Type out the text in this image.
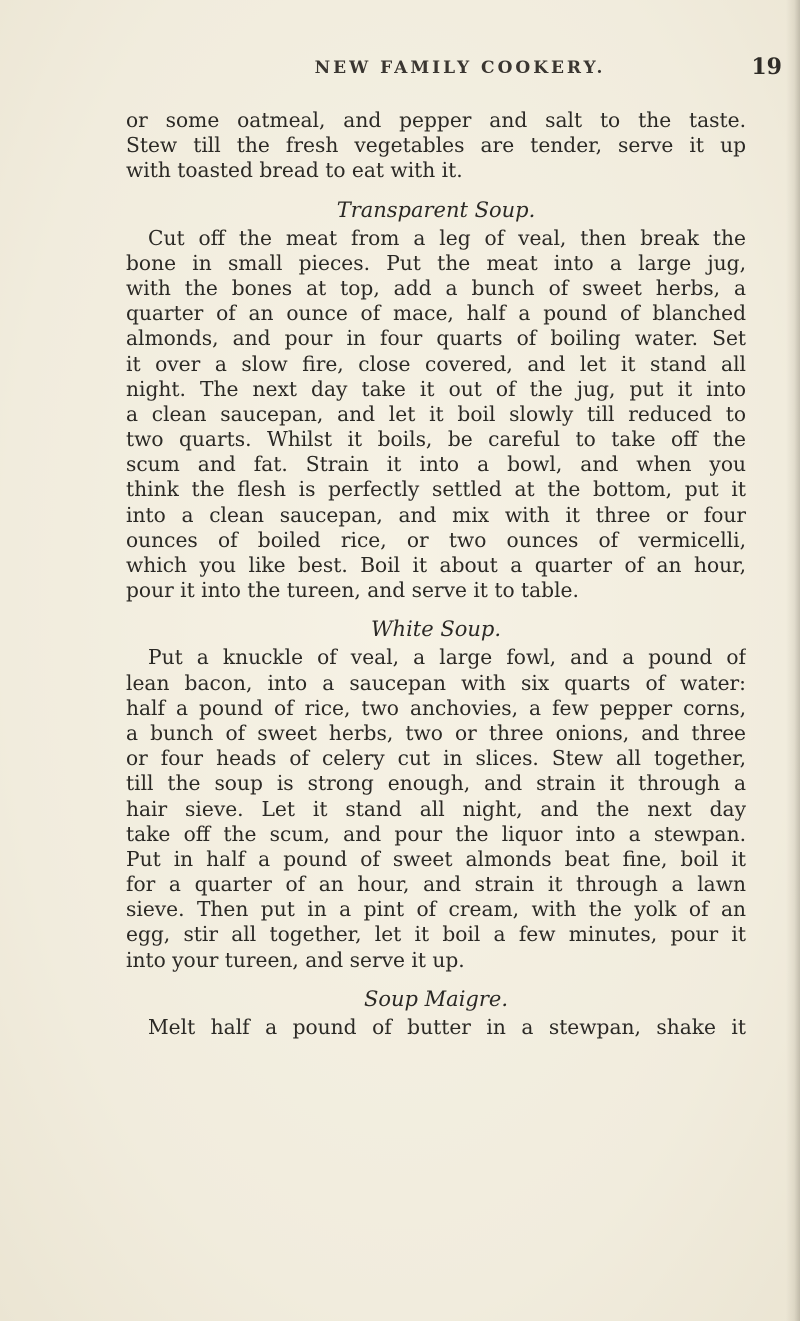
NEW FAMILY COOKERY.	19
or some oatmeal, and pepper and salt to the taste.
Stew till the fresh vegetables are tender, serve it up
with toasted bread to eat with it.
Transparent Soup.
Cut off the meat from a leg of veal, then break the
bone in small pieces. Put the meat into a large jug,
with the bones at top, add a bunch of sweet herbs, a
quarter of an ounce of mace, half a pound of blanched
almonds, and pour in four quarts of boiling water. Set
it over a slow fire, close covered, and let it stand all
night. The next day take it out of the jug, put it into
a clean saucepan, and let it boil slowly till reduced to
two quarts. Whilst it boils, be careful to take off the
scum and fat. Strain it into a bowl, and when you
think the flesh is perfectly settled at the bottom, put it
into a clean saucepan, and mix with it three or four
ounces of boiled rice, or two ounces of vermicelli,
which you like best. Boil it about a quarter of an hour,
pour it into the tureen, and serve it to table.
White Soup.
Put a knuckle of veal, a large fowl, and a pound of
lean bacon, into a saucepan with six quarts of water:
half a pound of rice, two anchovies, a few pepper corns,
a bunch of sweet herbs, two or three onions, and three
or four heads of celery cut in slices. Stew all together,
till the soup is strong enough, and strain it through a
hair sieve. Let it stand all night, and the next day
take off the scum, and pour the liquor into a stewpan.
Put in half a pound of sweet almonds beat fine, boil it
for a quarter of an hour, and strain it through a lawn
sieve. Then put in a pint of cream, with the yolk of an
egg, stir all together, let it boil a few minutes, pour it
into your tureen, and serve it up.
Soup Maigre.
Melt half a pound of butter in a stewpan, shake it
